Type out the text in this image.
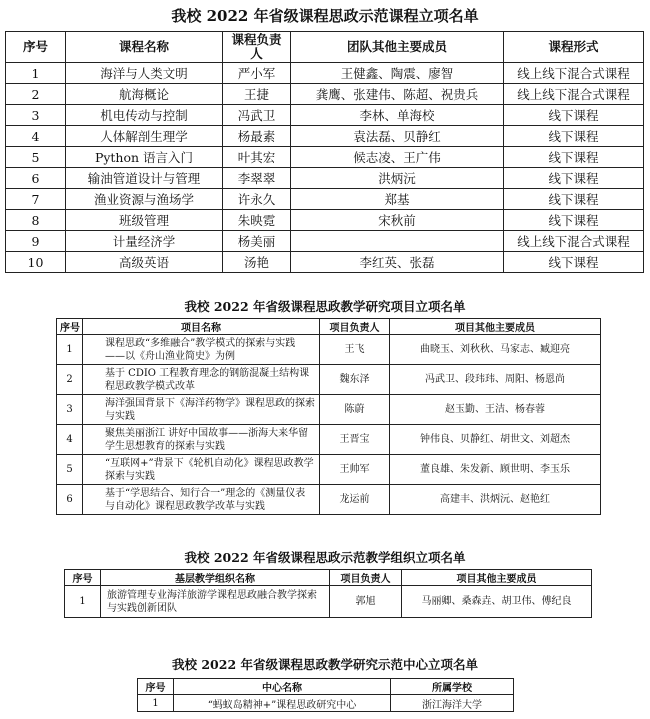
我校 2022 年省级课程思政示范课程立项名单
序号	课程名称	课程负责人	团队其他主要成员	课程形式
1	海洋与人类文明	严小军	王健鑫、陶震、廖智	线上线下混合式课程
2	航海概论	王捷	龚鹰、张建伟、陈超、祝贵兵	线上线下混合式课程
3	机电传动与控制	冯武卫	李林、单海校	线下课程
4	人体解剖生理学	杨最素	袁法磊、贝静红	线下课程
5	Python 语言入门	叶其宏	候志凌、王广伟	线下课程
6	输油管道设计与管理	李翠翠	洪炳沅	线下课程
7	渔业资源与渔场学	许永久	郑基	线下课程
8	班级管理	朱映霓	宋秋前	线下课程
9	计量经济学	杨美丽		线上线下混合式课程
10	高级英语	汤艳	李红英、张磊	线下课程
我校 2022 年省级课程思政教学研究项目立项名单
序号	项目名称	项目负责人	项目其他主要成员
1	课程思政“多维融合”教学模式的探索与实践——以《舟山渔业简史》为例	王飞	曲晓玉、刘秋秋、马家志、臧迎亮
2	基于 CDIO 工程教育理念的钢筋混凝土结构课程思政教学模式改革	魏东泽	冯武卫、段玮玮、周阳、杨恩尚
3	海洋强国背景下《海洋药物学》课程思政的探索与实践	陈蔚	赵玉勤、王洁、杨春蓉
4	聚焦美丽浙江 讲好中国故事——浙海大来华留学生思想教育的探索与实践	王晋宝	钟伟良、贝静红、胡世文、刘超杰
5	“互联网+”背景下《轮机自动化》课程思政教学探索与实践	王帅军	董良雄、朱发新、顾世明、李玉乐
6	基于“学思结合、知行合一”理念的《测量仪表与自动化》课程思政教学改革与实践	龙运前	高建丰、洪炳沅、赵艳红
我校 2022 年省级课程思政示范教学组织立项名单
序号	基层教学组织名称	项目负责人	项目其他主要成员
1	旅游管理专业海洋旅游学课程思政融合教学探索与实践创新团队	郭旭	马丽卿、桑森垚、胡卫伟、傅纪良
我校 2022 年省级课程思政教学研究示范中心立项名单
序号	中心名称	所属学校
1	“蚂蚁岛精神+”课程思政研究中心	浙江海洋大学
